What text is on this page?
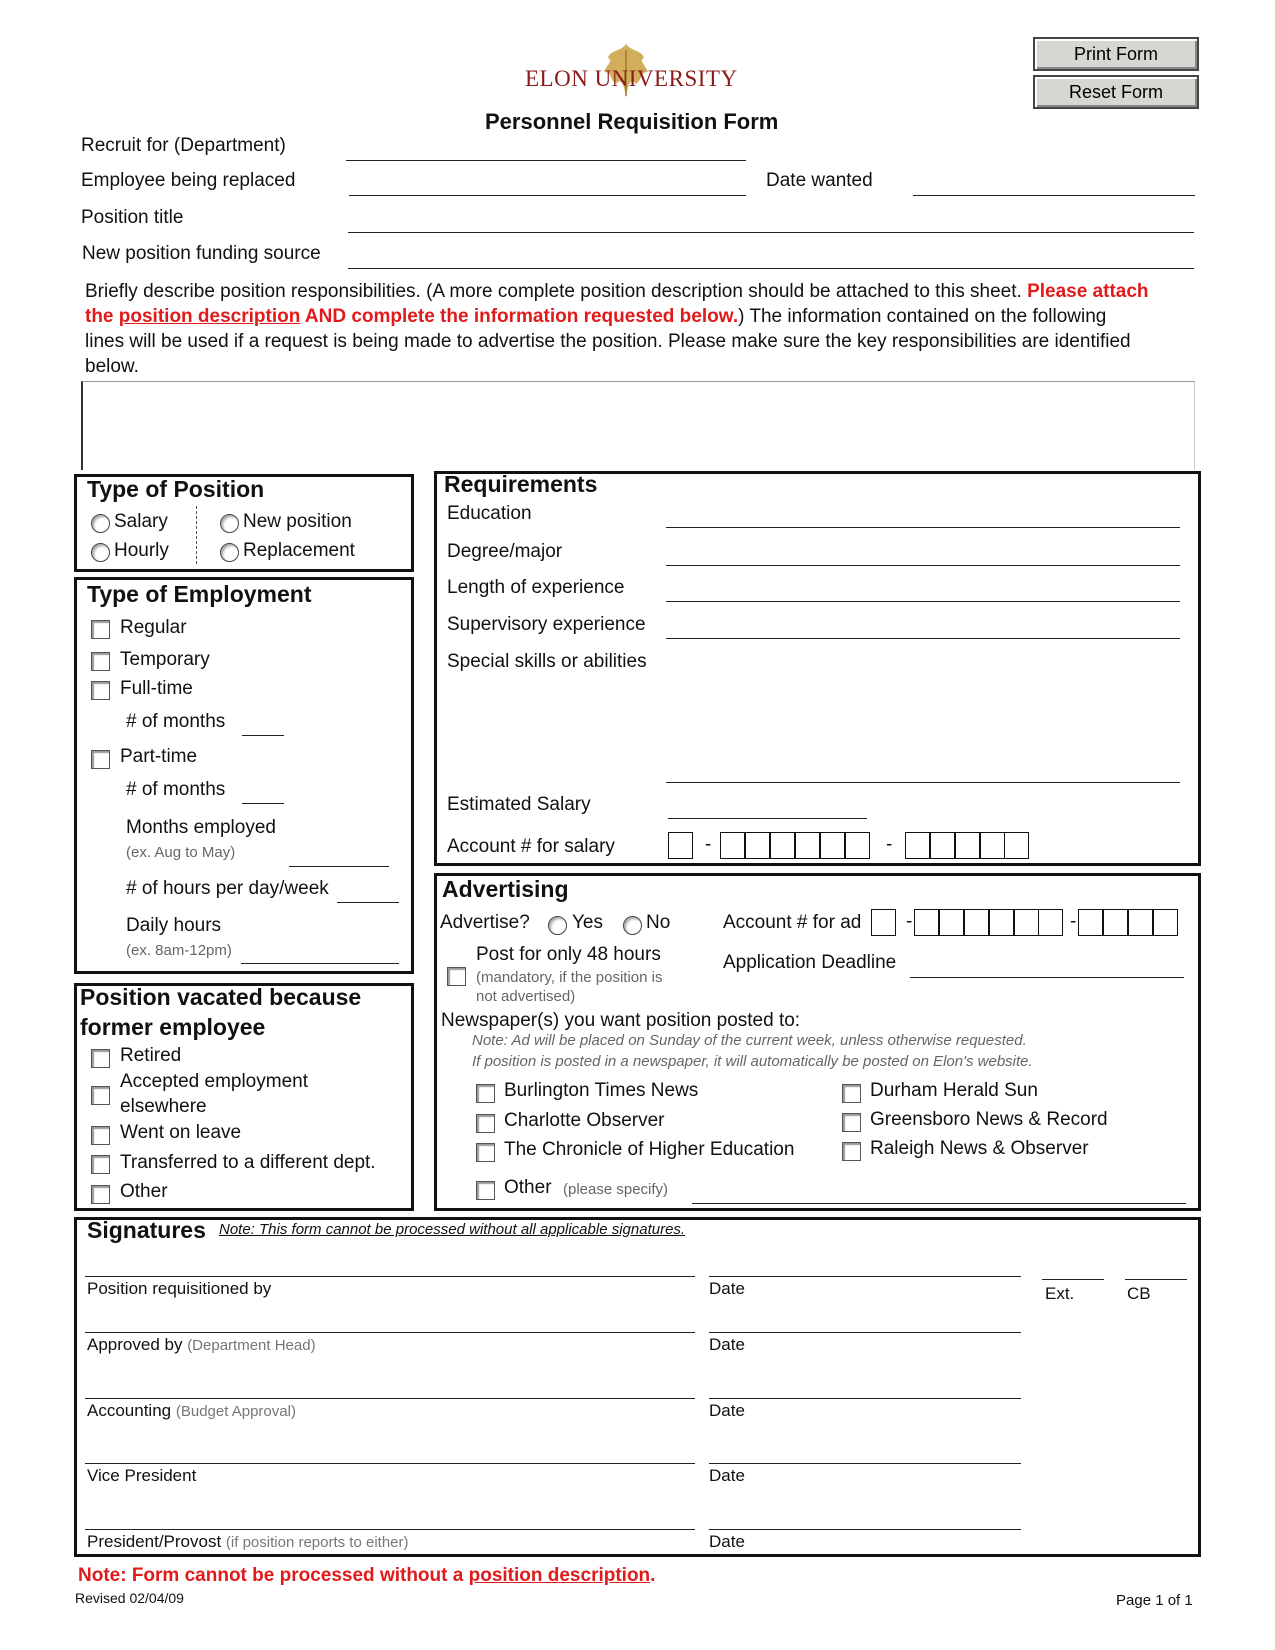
ELON UNIVERSITY
Personnel Requisition Form
Print Form
Reset Form
Recruit for (Department)
Employee being replaced	Date wanted
Position title
New position funding source
Briefly describe position responsibilities. (A more complete position description should be attached to this sheet. Please attach
the position description AND complete the information requested below.) The information contained on the following
lines will be used if a request is being made to advertise the position. Please make sure the key responsibilities are identified
below.
Type of Position
Salary
Hourly
New position
Replacement
Type of Employment
Regular
Temporary
Full-time
# of months
Part-time
# of months
Months employed
(ex. Aug to May)
# of hours per day/week
Daily hours
(ex. 8am-12pm)
Position vacated because
former employee
Retired
Accepted employment
elsewhere
Went on leave
Transferred to a different dept.
Other
Requirements
Education
Degree/major
Length of experience
Supervisory experience
Special skills or abilities
Estimated Salary
Account # for salary	-	-
Advertising
Advertise? Yes No	Account # for ad -	-
Post for only 48 hours
(mandatory, if the position is
not advertised)
Application Deadline
Newspaper(s) you want position posted to:
Note: Ad will be placed on Sunday of the current week, unless otherwise requested.
If position is posted in a newspaper, it will automatically be posted on Elon's website.
Burlington Times News
Charlotte Observer
The Chronicle of Higher Education
Durham Herald Sun
Greensboro News & Record
Raleigh News & Observer
Other (please specify)
Signatures Note: This form cannot be processed without all applicable signatures.
Position requisitioned by	Date	Ext.	CB
Approved by (Department Head)	Date
Accounting (Budget Approval)	Date
Vice President	Date
President/Provost (if position reports to either)	Date
Note: Form cannot be processed without a position description.
Revised 02/04/09	Page 1 of 1
